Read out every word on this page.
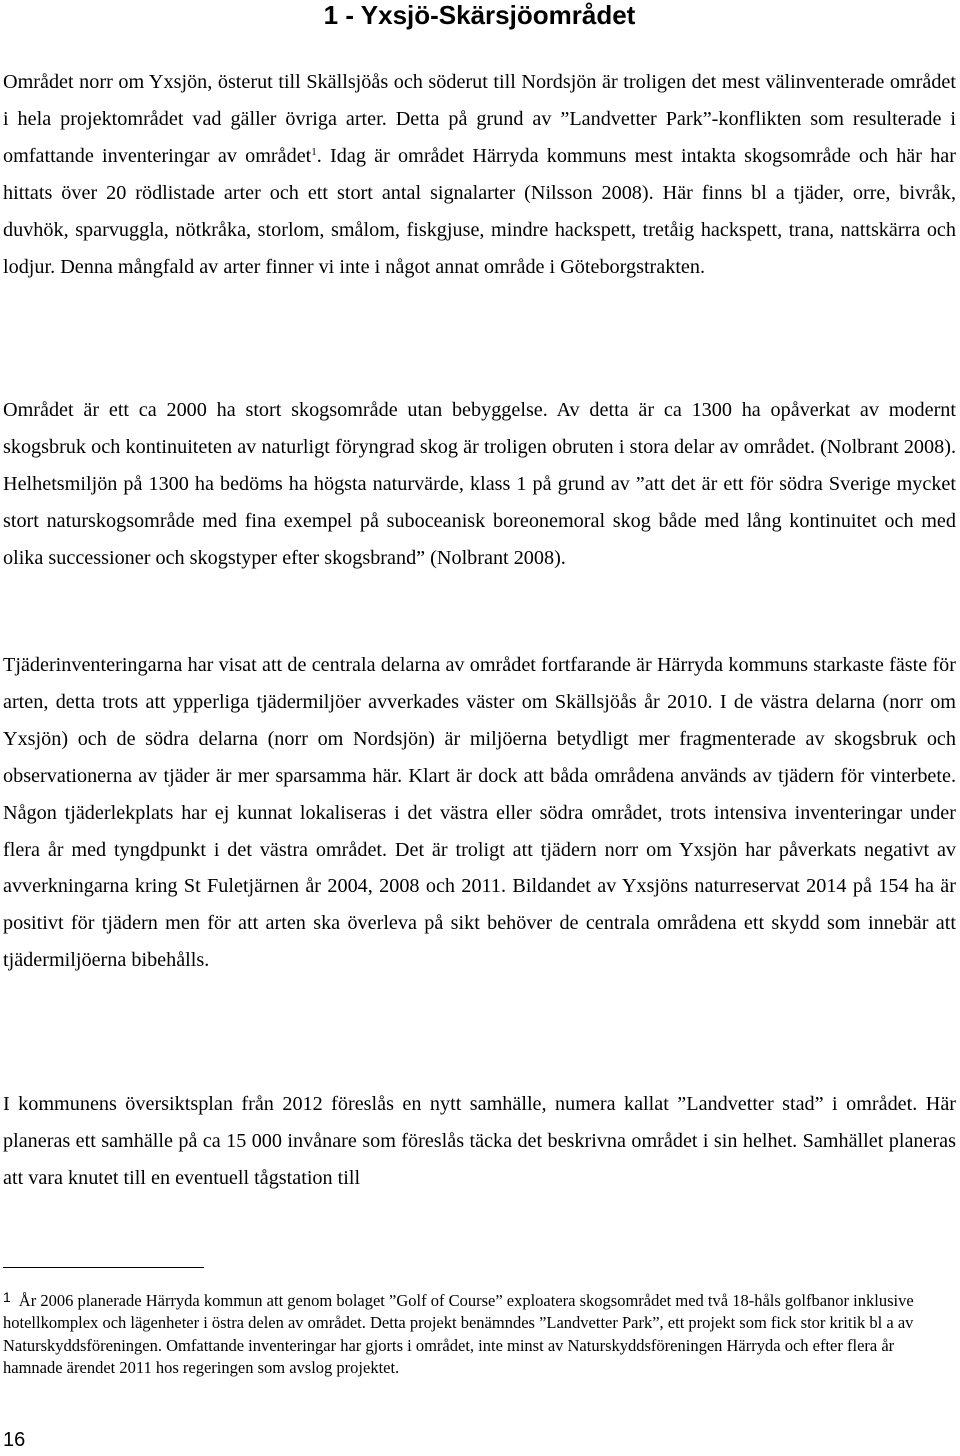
1 - Yxsjö-Skärsjöområdet

Området norr om Yxsjön, österut till Skällsjöås och söderut till Nordsjön är troligen det mest välinventerade området i hela projektområdet vad gäller övriga arter. Detta på grund av ”Landvetter Park”-konflikten som resulterade i omfattande inventeringar av området$^1$. Idag är området Härryda kommuns mest intakta skogsområde och här har hittats över 20 rödlistade arter och ett stort antal signalarter (Nilsson 2008). Här finns bl a tjäder, orre, bivråk, duvhök, sparvuggla, nötkråka, storlom, smålom, fiskgjuse, mindre hackspett, tretåig hackspett, trana, nattskärra och lodjur. Denna mångfald av arter finner vi inte i något annat område i Göteborgstrakten.

Området är ett ca 2000 ha stort skogsområde utan bebyggelse. Av detta är ca 1300 ha opåverkat av modernt skogsbruk och kontinuiteten av naturligt föryngrad skog är troligen obruten i stora delar av området. (Nolbrant 2008). Helhetsmiljön på 1300 ha bedöms ha högsta naturvärde, klass 1 på grund av ”att det är ett för södra Sverige mycket stort naturskogsområde med fina exempel på suboceanisk boreonemoral skog både med lång kontinuitet och med olika successioner och skogstyper efter skogsbrand” (Nolbrant 2008).

Tjäderinventeringarna har visat att de centrala delarna av området fortfarande är Härryda kommuns starkaste fäste för arten, detta trots att ypperliga tjädermiljöer avverkades väster om Skällsjöås år 2010. I de västra delarna (norr om Yxsjön) och de södra delarna (norr om Nordsjön) är miljöerna betydligt mer fragmenterade av skogsbruk och observationerna av tjäder är mer sparsamma här. Klart är dock att båda områdena används av tjädern för vinterbete. Någon tjäderlekplats har ej kunnat lokaliseras i det västra eller södra området, trots intensiva inventeringar under flera år med tyngdpunkt i det västra området. Det är troligt att tjädern norr om Yxsjön har påverkats negativt av avverkningarna kring St Fuletjärnen år 2004, 2008 och 2011. Bildandet av Yxsjöns naturreservat 2014 på 154 ha är positivt för tjädern men för att arten ska överleva på sikt behöver de centrala områdena ett skydd som innebär att tjädermiljöerna bibehålls.

I kommunens översiktsplan från 2012 föreslås en nytt samhälle, numera kallat ”Landvetter stad” i området. Här planeras ett samhälle på ca 15 000 invånare som föreslås täcka det beskrivna området i sin helhet. Samhället planeras att vara knutet till en eventuell tågstation till

$^1$ År 2006 planerade Härryda kommun att genom bolaget ”Golf of Course” exploatera skogsområdet med två 18-håls golfbanor inklusive hotellkomplex och lägenheter i östra delen av området. Detta projekt benämndes ”Landvetter Park”, ett projekt som fick stor kritik bl a av Naturskyddsföreningen. Omfattande inventeringar har gjorts i området, inte minst av Naturskyddsföreningen Härryda och efter flera år hamnade ärendet 2011 hos regeringen som avslog projektet.

16
